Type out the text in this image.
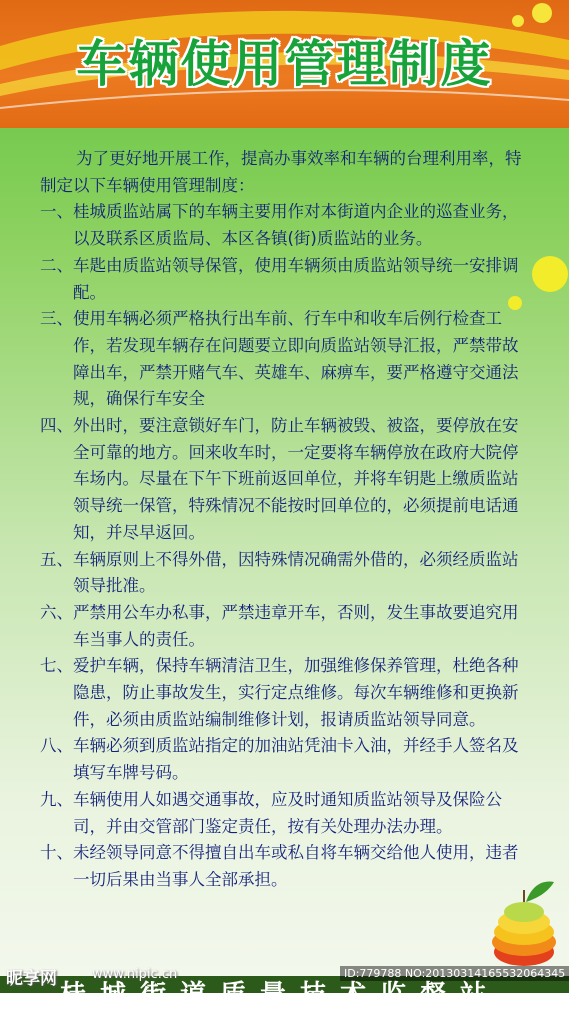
车辆使用管理制度

为了更好地开展工作，提高办事效率和车辆的台理利用率，特制定以下车辆使用管理制度：

一、 桂城质监站属下的车辆主要用作对本街道内企业的巡查业务，以及联系区质监局、本区各镇(街)质监站的业务。
二、 车匙由质监站领导保管，使用车辆须由质监站领导统一安排调配。
三、 使用车辆必须严格执行出车前、行车中和收车后例行检查工作，若发现车辆存在问题要立即向质监站领导汇报，严禁带故障出车，严禁开赌气车、英雄车、麻痹车，要严格遵守交通法规，确保行车安全
四、 外出时，要注意锁好车门，防止车辆被毁、被盗，要停放在安全可靠的地方。回来收车时，一定要将车辆停放在政府大院停车场内。尽量在下午下班前返回单位，并将车钥匙上缴质监站领导统一保管，特殊情况不能按时回单位的，必须提前电话通知，并尽早返回。
五、 车辆原则上不得外借，因特殊情况确需外借的，必须经质监站领导批准。
六、 严禁用公车办私事，严禁违章开车，否则，发生事故要追究用车当事人的责任。
七、 爱护车辆，保持车辆清洁卫生，加强维修保养管理，杜绝各种隐患，防止事故发生，实行定点维修。每次车辆维修和更换新件，必须由质监站编制维修计划，报请质监站领导同意。
八、 车辆必须到质监站指定的加油站凭油卡入油，并经手人签名及填写车牌号码。
九、 车辆使用人如遇交通事故，应及时通知质监站领导及保险公司，并由交管部门鉴定责任，按有关处理办法办理。
十、 未经领导同意不得擅自出车或私自将车辆交给他人使用，违者一切后果由当事人全部承担。
桂城街道质量技术监督站
昵享网	www.nipic.cn	ID:779788 NO:20130314165532064345
